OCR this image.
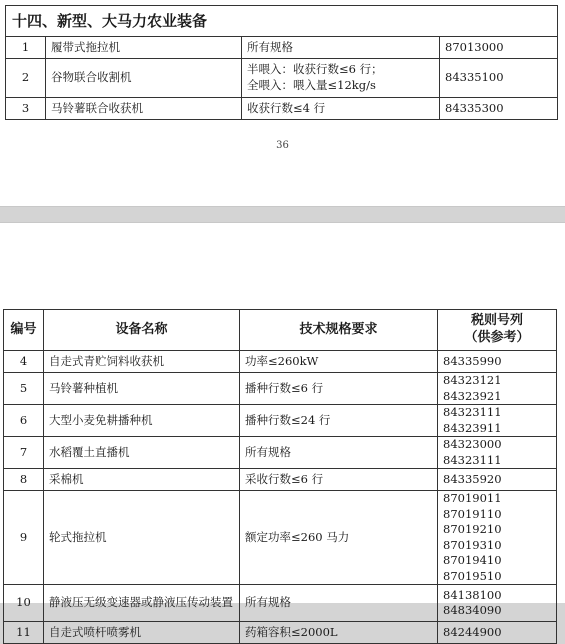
十四、新型、大马力农业装备			
1	履带式拖拉机	所有规格	87013000
2	谷物联合收割机	半喂入：收获行数≤6 行；
全喂入：喂入量≤12kg/s	84335100
3	马铃薯联合收获机	收获行数≤4 行	84335300
36
编号	设备名称	技术规格要求	税则号列
（供参考）
4	自走式青贮饲料收获机	功率≤260kW	84335990
5	马铃薯种植机	播种行数≤6 行	84323121 84323921
6	大型小麦免耕播种机	播种行数≤24 行	84323111 84323911
7	水稻覆土直播机	所有规格	84323000 84323111
8	采棉机	采收行数≤6 行	84335920
9	轮式拖拉机	额定功率≤260 马力	87019011 87019110
87019210 87019310
87019410 87019510
10	静液压无级变速器或静液压传动装置	所有规格	84138100 84834090
11	自走式喷杆喷雾机	药箱容积≤2000L	84244900
